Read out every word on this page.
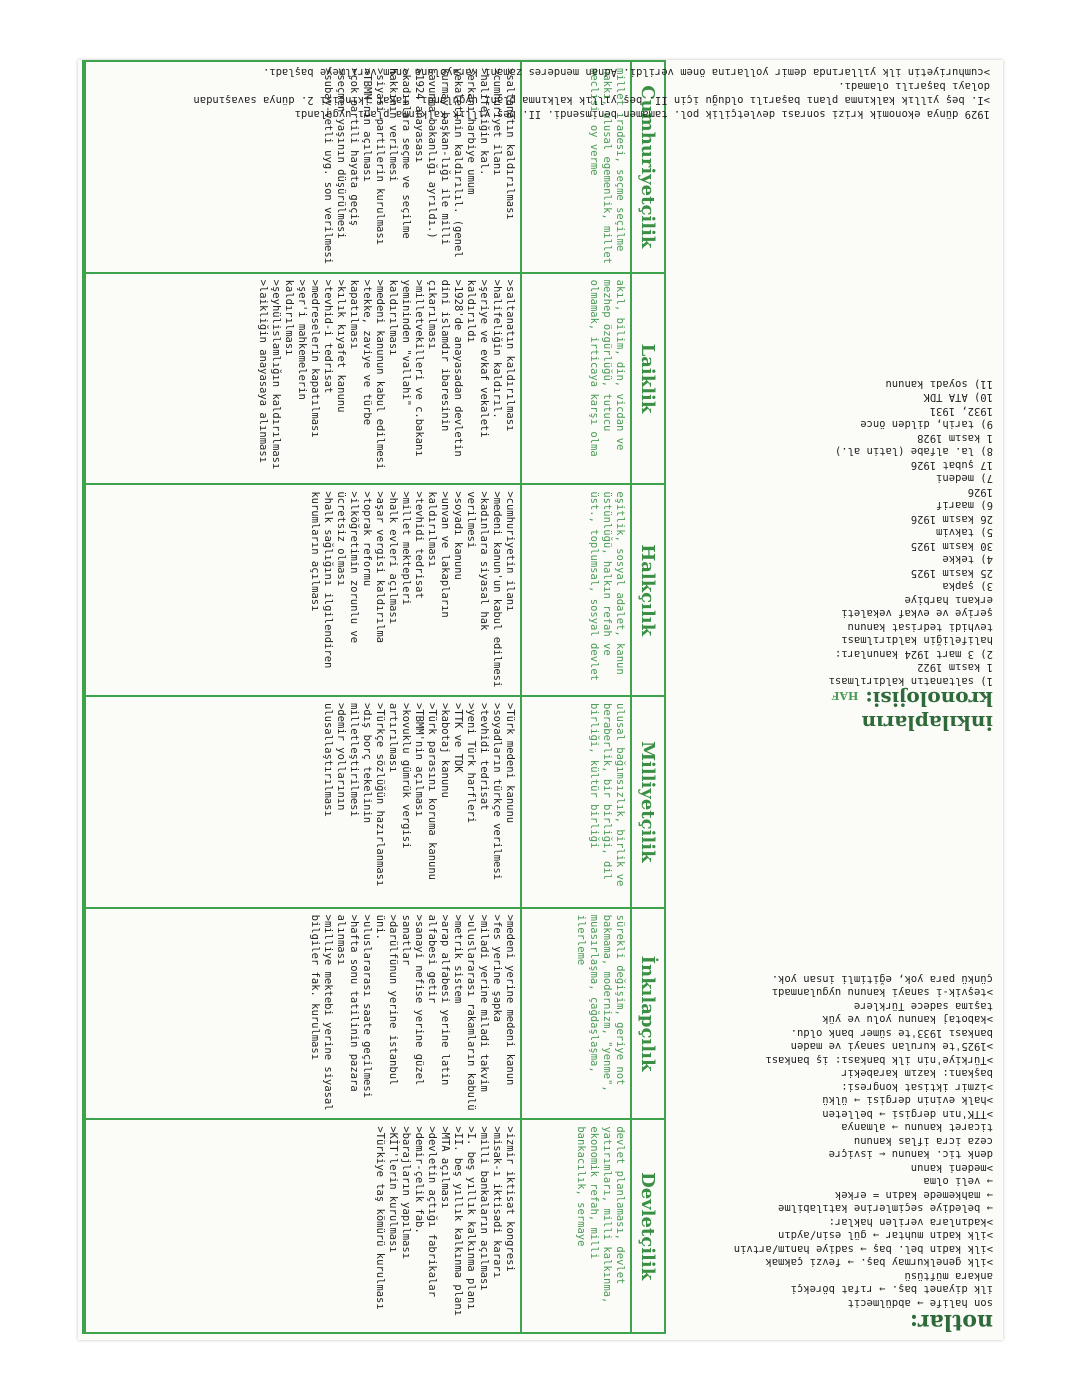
Cumhuriyetçilik
Laiklik
Halkçılık
Milliyetçilik
İnkılapçılık
Devletçilik
millet iradesi, seçme seçilme hakkı, ulusal egemenlik, millet meclisi, oy verme
akıl, bilim, din, vicdan ve mezhep özgürlüğü, tutucu olmamak, irticaya karşı olma
eşitlik, sosyal adalet, kanun üstünlüğü, halkın refah ve üst., toplumsal, sosyal devlet
ulusal bağımsızlık, birlik ve beraberlik, bir birliği, dil birliği, kültür birliği
sürekli değişim, geriye not bakmama, modernizm, "yenme", muasırlaşma, çağdaşlaşma, ilerleme
devlet planlaması, devlet yatırımları, milli kalkınma, ekonomik refah, milli bankacılık, sermaye
>saltanatın kaldırılması
>cumhuriyet ilanı
>halifeliğin kal.
>erkanı harbiye umum vekaletinin kaldırılıl. (genel kurmay başkan-lığı ile milli savunma bakanlığı ayrıldı.)
>1924 anayasası
>kadınlara seçme ve seçilme hakkının verilmesi
>siyasi partilerin kurulması
>TBMM'nin açılması
>çok partili hayata geçiş
>seçmen yaşının düşürülmesi
>subay-vetli uyg. son verilmesi
>saltanatın kaldırılması
>halifeliğin kaldırıl.
>şeriye ve evkaf vekaleti kaldırıldı
>1928'de anayasadan devletin dini islamdır ibaresinin çıkarılması
>milletvekilleri ve c.bakanı yemininden "vallahi" kaldırılması
>medeni kanunun kabul edilmesi
>tekke, zaviye ve türbe kapatılması
>kılık kıyafet kanunu
>tevhid-i tedrisat
>medreselerin kapatılması
>şer'i mahkemelerin kaldırılması
>şeyhülislamlığın kaldırılması
>laikliğin anayasaya alınması
>cumhuriyetin ilanı
>medeni kanun'un kabul edilmesi
>kadınlara siyasal hak verilmesi
>soyadı kanunu
>unvan ve lakapların kaldırılması
>tevhidi tedrisat
>millet mektepleri
>halk evleri açılması
>aşar vergisi kaldırılma
>toprak reformu
>ilköğretimin zorunlu ve ücretsiz olması
>halk sağlığını ilgilendiren kurumların açılması
>Türk medeni kanunu
>soyadların türkçe verilmesi
>tevhidi tedrisat
>yeni Türk harfleri
>TTK ve TDK
>kabotaj kanunu
>Türk parasını koruma kanunu
>TBMM'nin açılması
>kovuklu gümrük vergisi artırılması
>Türkçe sözlüğün hazırlanması
>dış borç tekelinin milletleştirilmesi
>demir yollarının ulusallaştırılması
>medeni yerine medeni kanun
>fes yerine şapka
>miladi yerine miladi takvim
>uluslararası rakamların kabulü
>metrik sistem
>arap alfabesi yerine latin alfabesi getir
>sanayi nefise yerine güzel sanatlar
>darülfünun yerine istanbul üni.
>uluslararası saate geçilmesi
>hafta sonu tatilinin pazara alınması
>milliye mektebi yerine siyasal bilgiler fak. kurulması
>izmir iktisat kongresi
>misak-ı iktisadi kararı
>milli bankaların açılması
>I. beş yıllık kalkınma planı
>II. beş yıllık kalkınma planı
>MTA açılması
>devletin açtığı fabrikalar
>demir-çelik fab.
>barajların yapılması
>KİT'lerin kurulması
>Türkiye taş kömürü kurulması
notlar:
son halife → abdülmecit
ilk diyanet baş. → rıfat börekçi
ankara müftüsü
>ilk genelkurmay baş. → fevzi çakmak
>ilk kadın bel. baş → sadiye hanım/artvin
>ilk kadın muhtar → gül esin/aydın
>kadınlara verilen haklar:
→ belediye seçimlerine katılabilme
→ mahkemede kadın = erkek
→ veli olma
>medeni kanun
denk tic. kanunu ← isviçre
ceza icra iflas kanunu
ticaret kanunu → almanya
>TTK'nın dergisi → belleten
>halk evinin dergisi → ülkü
>izmir iktisat kongresi:
başkanı: kazım karabekir
>Türkiye'nin ilk bankası: iş bankası
>1925'te kurulan sanayi ve maden
bankası 1933'te sümer bank oldu.
>kabotaj kanunu yolu ve yük
taşıma sadece Türklere
>teşvik-i sanayi kanunu uygulanmadı
çünkü para yok, eğitimli insan yok.
inkılapların kronolojisi: HAF
1) saltanatın kaldırılması
1 kasım 1922
2) 3 mart 1924 kanunları:
halifeliğin kaldırılması
tevhidi tedrisat kanunu
şeriye ve evkaf vekaleti
erkanı harbiye
3) şapka
25 kasım 1925
4) tekke
30 kasım 1925
5) takvim
26 kasım 1926
6) maarif
1926
7) medeni
17 şubat 1926
8) la. alfabe (latin al.)
1 kasım 1928
9) tarih, dilden önce
1932, 1931
10) ATA TDK
11) soyadı kanunu
1929 dünya ekonomik krizi sonrası devletçilik pol. tamamen benimsendi. II. beş yıllık kalkınma planı uygulandı
>I. beş yıllık kalkınma planı başarılı olduğu için II. beş yıllık kalkınma planı uygulandı. fakat ikincisi 2. dünya savaşından dolayı başarılı olamadı.
>cumhuriyetin ilk yıllarında demir yollarına önem verildi. Adnan menderes zamanı karayoluna önem verilmeye başladı.
